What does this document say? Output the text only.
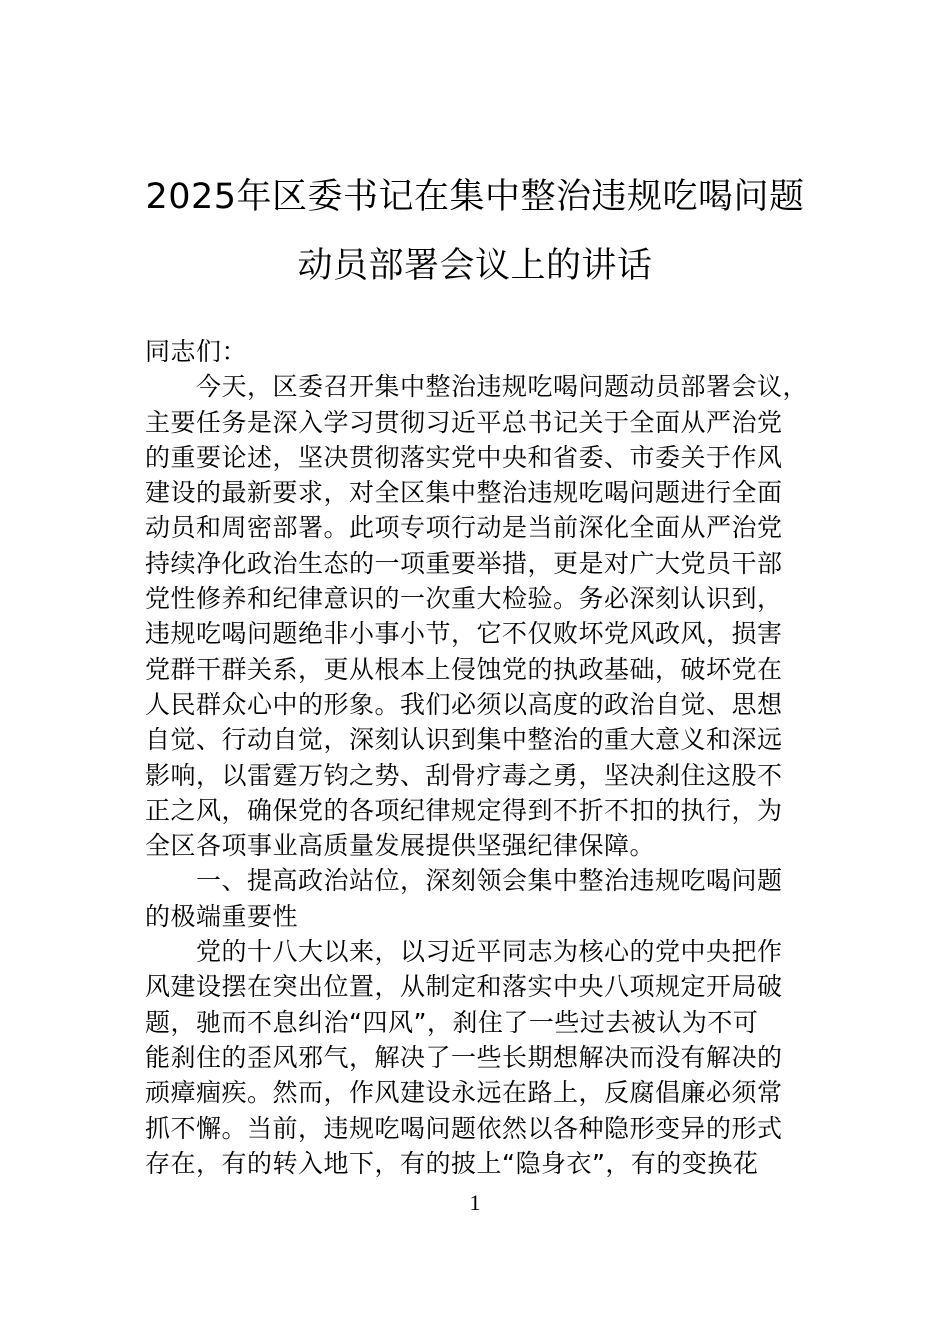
2025年区委书记在集中整治违规吃喝问题
动员部署会议上的讲话
同志们：
　　今天，区委召开集中整治违规吃喝问题动员部署会议，
主要任务是深入学习贯彻习近平总书记关于全面从严治党
的重要论述，坚决贯彻落实党中央和省委、市委关于作风
建设的最新要求，对全区集中整治违规吃喝问题进行全面
动员和周密部署。此项专项行动是当前深化全面从严治党
持续净化政治生态的一项重要举措，更是对广大党员干部
党性修养和纪律意识的一次重大检验。务必深刻认识到，
违规吃喝问题绝非小事小节，它不仅败坏党风政风，损害
党群干群关系，更从根本上侵蚀党的执政基础，破坏党在
人民群众心中的形象。我们必须以高度的政治自觉、思想
自觉、行动自觉，深刻认识到集中整治的重大意义和深远
影响，以雷霆万钧之势、刮骨疗毒之勇，坚决刹住这股不
正之风，确保党的各项纪律规定得到不折不扣的执行，为
全区各项事业高质量发展提供坚强纪律保障。
　　一、提高政治站位，深刻领会集中整治违规吃喝问题
的极端重要性
　　党的十八大以来，以习近平同志为核心的党中央把作
风建设摆在突出位置，从制定和落实中央八项规定开局破
题，驰而不息纠治“四风”，刹住了一些过去被认为不可
能刹住的歪风邪气，解决了一些长期想解决而没有解决的
顽瘴痼疾。然而，作风建设永远在路上，反腐倡廉必须常
抓不懈。当前，违规吃喝问题依然以各种隐形变异的形式
存在，有的转入地下，有的披上“隐身衣”，有的变换花
1
